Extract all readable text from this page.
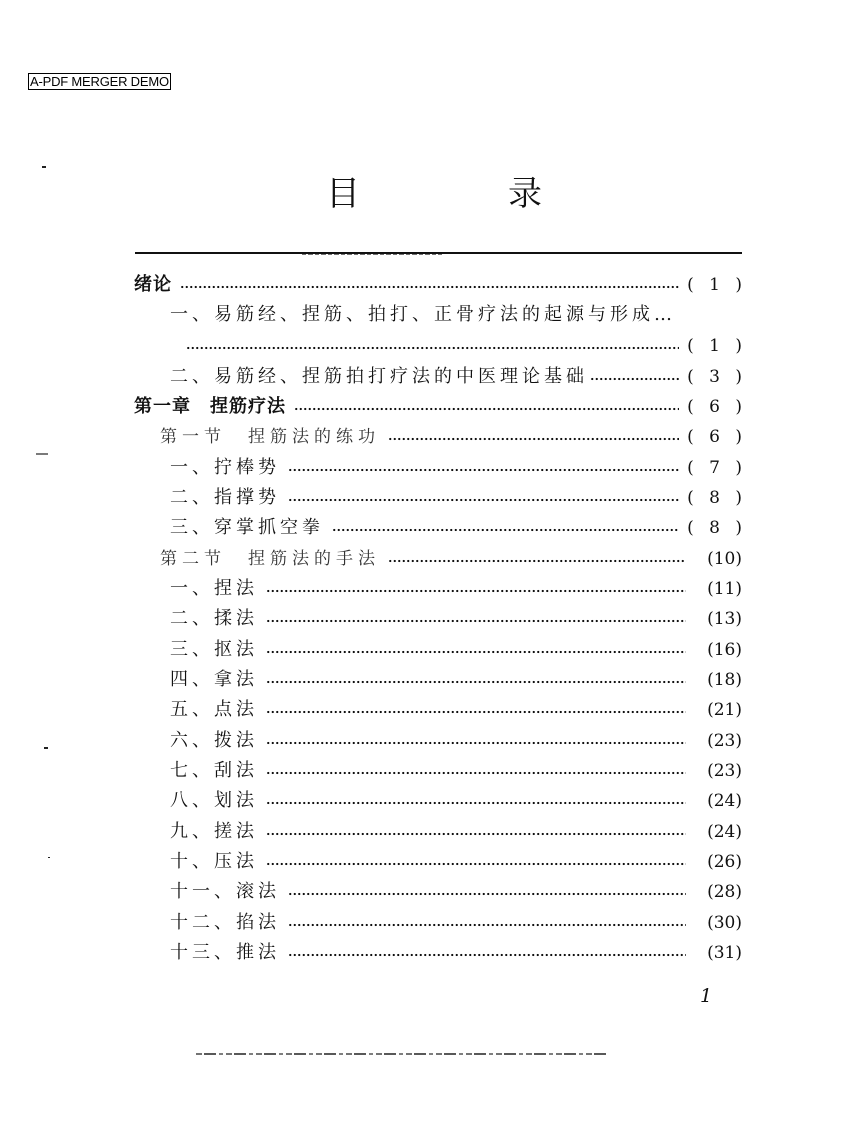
A-PDF MERGER DEMO
目	录
绪论	( 1 )
一、易筋经、捏筋、拍打、正骨疗法的起源与形成…
( 1 )
二、易筋经、捏筋拍打疗法的中医理论基础	( 3 )
第一章　捏筋疗法	( 6 )
第一节　捏筋法的练功	( 6 )
一、拧棒势	( 7 )
二、指撑势	( 8 )
三、穿掌抓空拳	( 8 )
第二节　捏筋法的手法	(10)
一、捏法	(11)
二、揉法	(13)
三、抠法	(16)
四、拿法	(18)
五、点法	(21)
六、拨法	(23)
七、刮法	(23)
八、划法	(24)
九、搓法	(24)
十、压法	(26)
十一、滚法	(28)
十二、掐法	(30)
十三、推法	(31)
1
